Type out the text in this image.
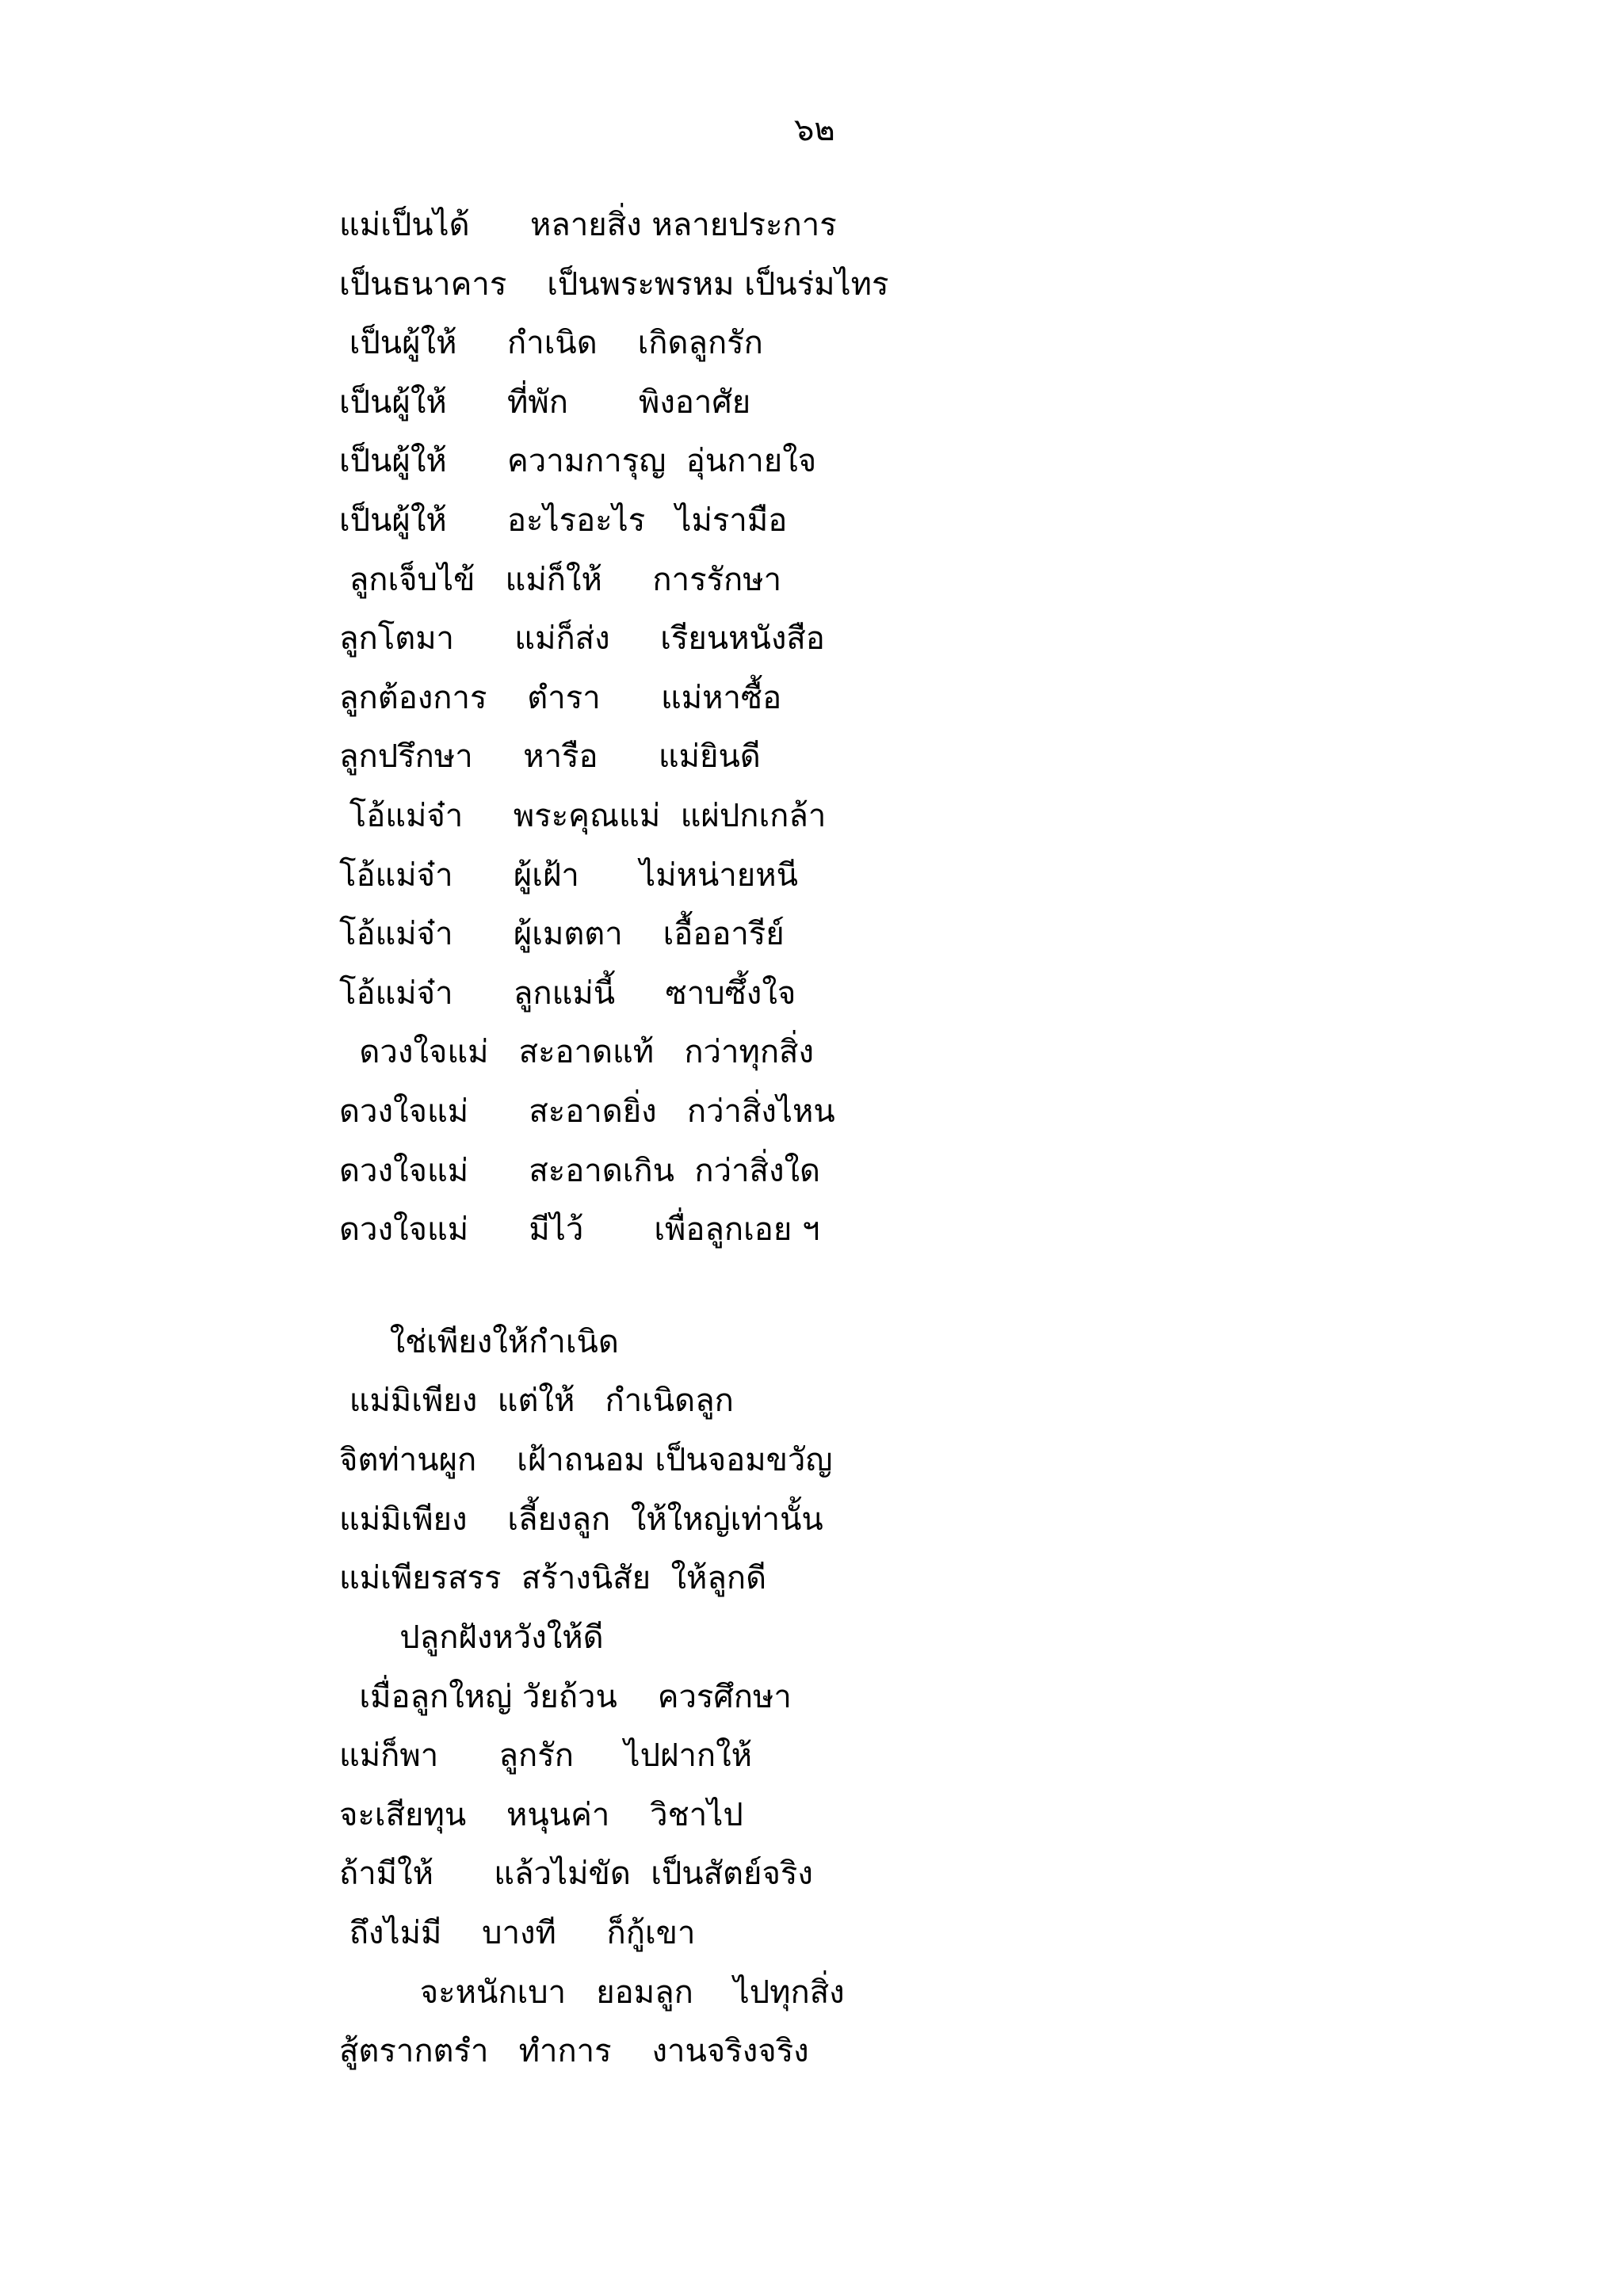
๖๒
แม่เป็นได้      หลายสิ่ง หลายประการ
เป็นธนาคาร    เป็นพระพรหม เป็นร่มไทร
เป็นผู้ให้     กำเนิด    เกิดลูกรัก
เป็นผู้ให้      ที่พัก       พิงอาศัย
เป็นผู้ให้      ความการุญ  อุ่นกายใจ
เป็นผู้ให้      อะไรอะไร   ไม่รามือ
ลูกเจ็บไข้   แม่ก็ให้     การรักษา
ลูกโตมา      แม่ก็ส่ง     เรียนหนังสือ
ลูกต้องการ    ตำรา      แม่หาซื้อ
ลูกปรึกษา     หารือ      แม่ยินดี
โอ้แม่จ๋า     พระคุณแม่  แผ่ปกเกล้า
โอ้แม่จ๋า      ผู้เฝ้า      ไม่หน่ายหนี
โอ้แม่จ๋า      ผู้เมตตา    เอื้ออารีย์
โอ้แม่จ๋า      ลูกแม่นี้     ซาบซึ้งใจ
ดวงใจแม่   สะอาดแท้   กว่าทุกสิ่ง
ดวงใจแม่      สะอาดยิ่ง   กว่าสิ่งไหน
ดวงใจแม่      สะอาดเกิน  กว่าสิ่งใด
ดวงใจแม่      มีไว้       เพื่อลูกเอย ฯ
ใช่เพียงให้กำเนิด
แม่มิเพียง  แต่ให้   กำเนิดลูก
จิตท่านผูก    เฝ้าถนอม เป็นจอมขวัญ
แม่มิเพียง    เลี้ยงลูก  ให้ใหญ่เท่านั้น
แม่เพียรสรร  สร้างนิสัย  ให้ลูกดี
ปลูกฝังหวังให้ดี
เมื่อลูกใหญ่ วัยถ้วน    ควรศึกษา
แม่ก็พา      ลูกรัก     ไปฝากให้
จะเสียทุน    หนุนค่า    วิชาไป
ถ้ามีให้      แล้วไม่ขัด  เป็นสัตย์จริง
ถึงไม่มี    บางที     ก็กู้เขา
จะหนักเบา   ยอมลูก    ไปทุกสิ่ง
สู้ตรากตรำ   ทำการ    งานจริงจริง
